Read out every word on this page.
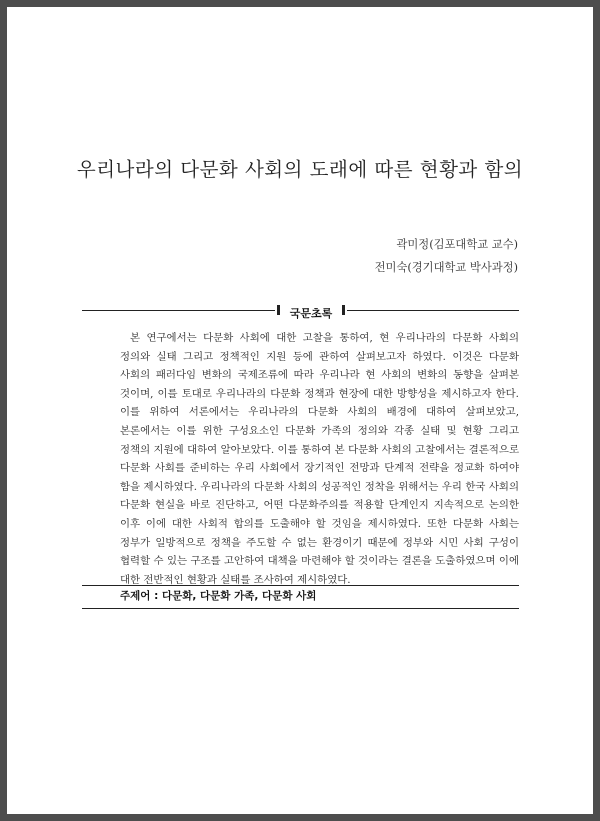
우리나라의 다문화 사회의 도래에 따른 현황과 함의
곽미정(김포대학교 교수)
전미숙(경기대학교 박사과정)
국문초록

본 연구에서는 다문화 사회에 대한 고찰을 통하여, 현 우리나라의 다문화 사회의 정의와 실태 그리고 정책적인 지원 등에 관하여 살펴보고자 하였다. 이것은 다문화 사회의 패러다임 변화의 국제조류에 따라 우리나라 현 사회의 변화의 동향을 살펴본 것이며, 이를 토대로 우리나라의 다문화 정책과 현장에 대한 방향성을 제시하고자 한다. 이를 위하여 서론에서는 우리나라의 다문화 사회의 배경에 대하여 살펴보았고, 본론에서는 이를 위한 구성요소인 다문화 가족의 정의와 각종 실태 및 현황 그리고 정책의 지원에 대하여 알아보았다. 이를 통하여 본 다문화 사회의 고찰에서는 결론적으로 다문화 사회를 준비하는 우리 사회에서 장기적인 전망과 단계적 전략을 정교화 하여야 함을 제시하였다. 우리나라의 다문화 사회의 성공적인 정착을 위해서는 우리 한국 사회의 다문화 현실을 바로 진단하고, 어떤 다문화주의를 적용할 단계인지 지속적으로 논의한 이후 이에 대한 사회적 합의를 도출해야 할 것임을 제시하였다. 또한 다문화 사회는 정부가 일방적으로 정책을 주도할 수 없는 환경이기 때문에 정부와 시민 사회 구성이 협력할 수 있는 구조를 고안하여 대책을 마련해야 할 것이라는 결론을 도출하였으며 이에 대한 전반적인 현황과 실태를 조사하여 제시하였다.

주제어 : 다문화, 다문화 가족, 다문화 사회
